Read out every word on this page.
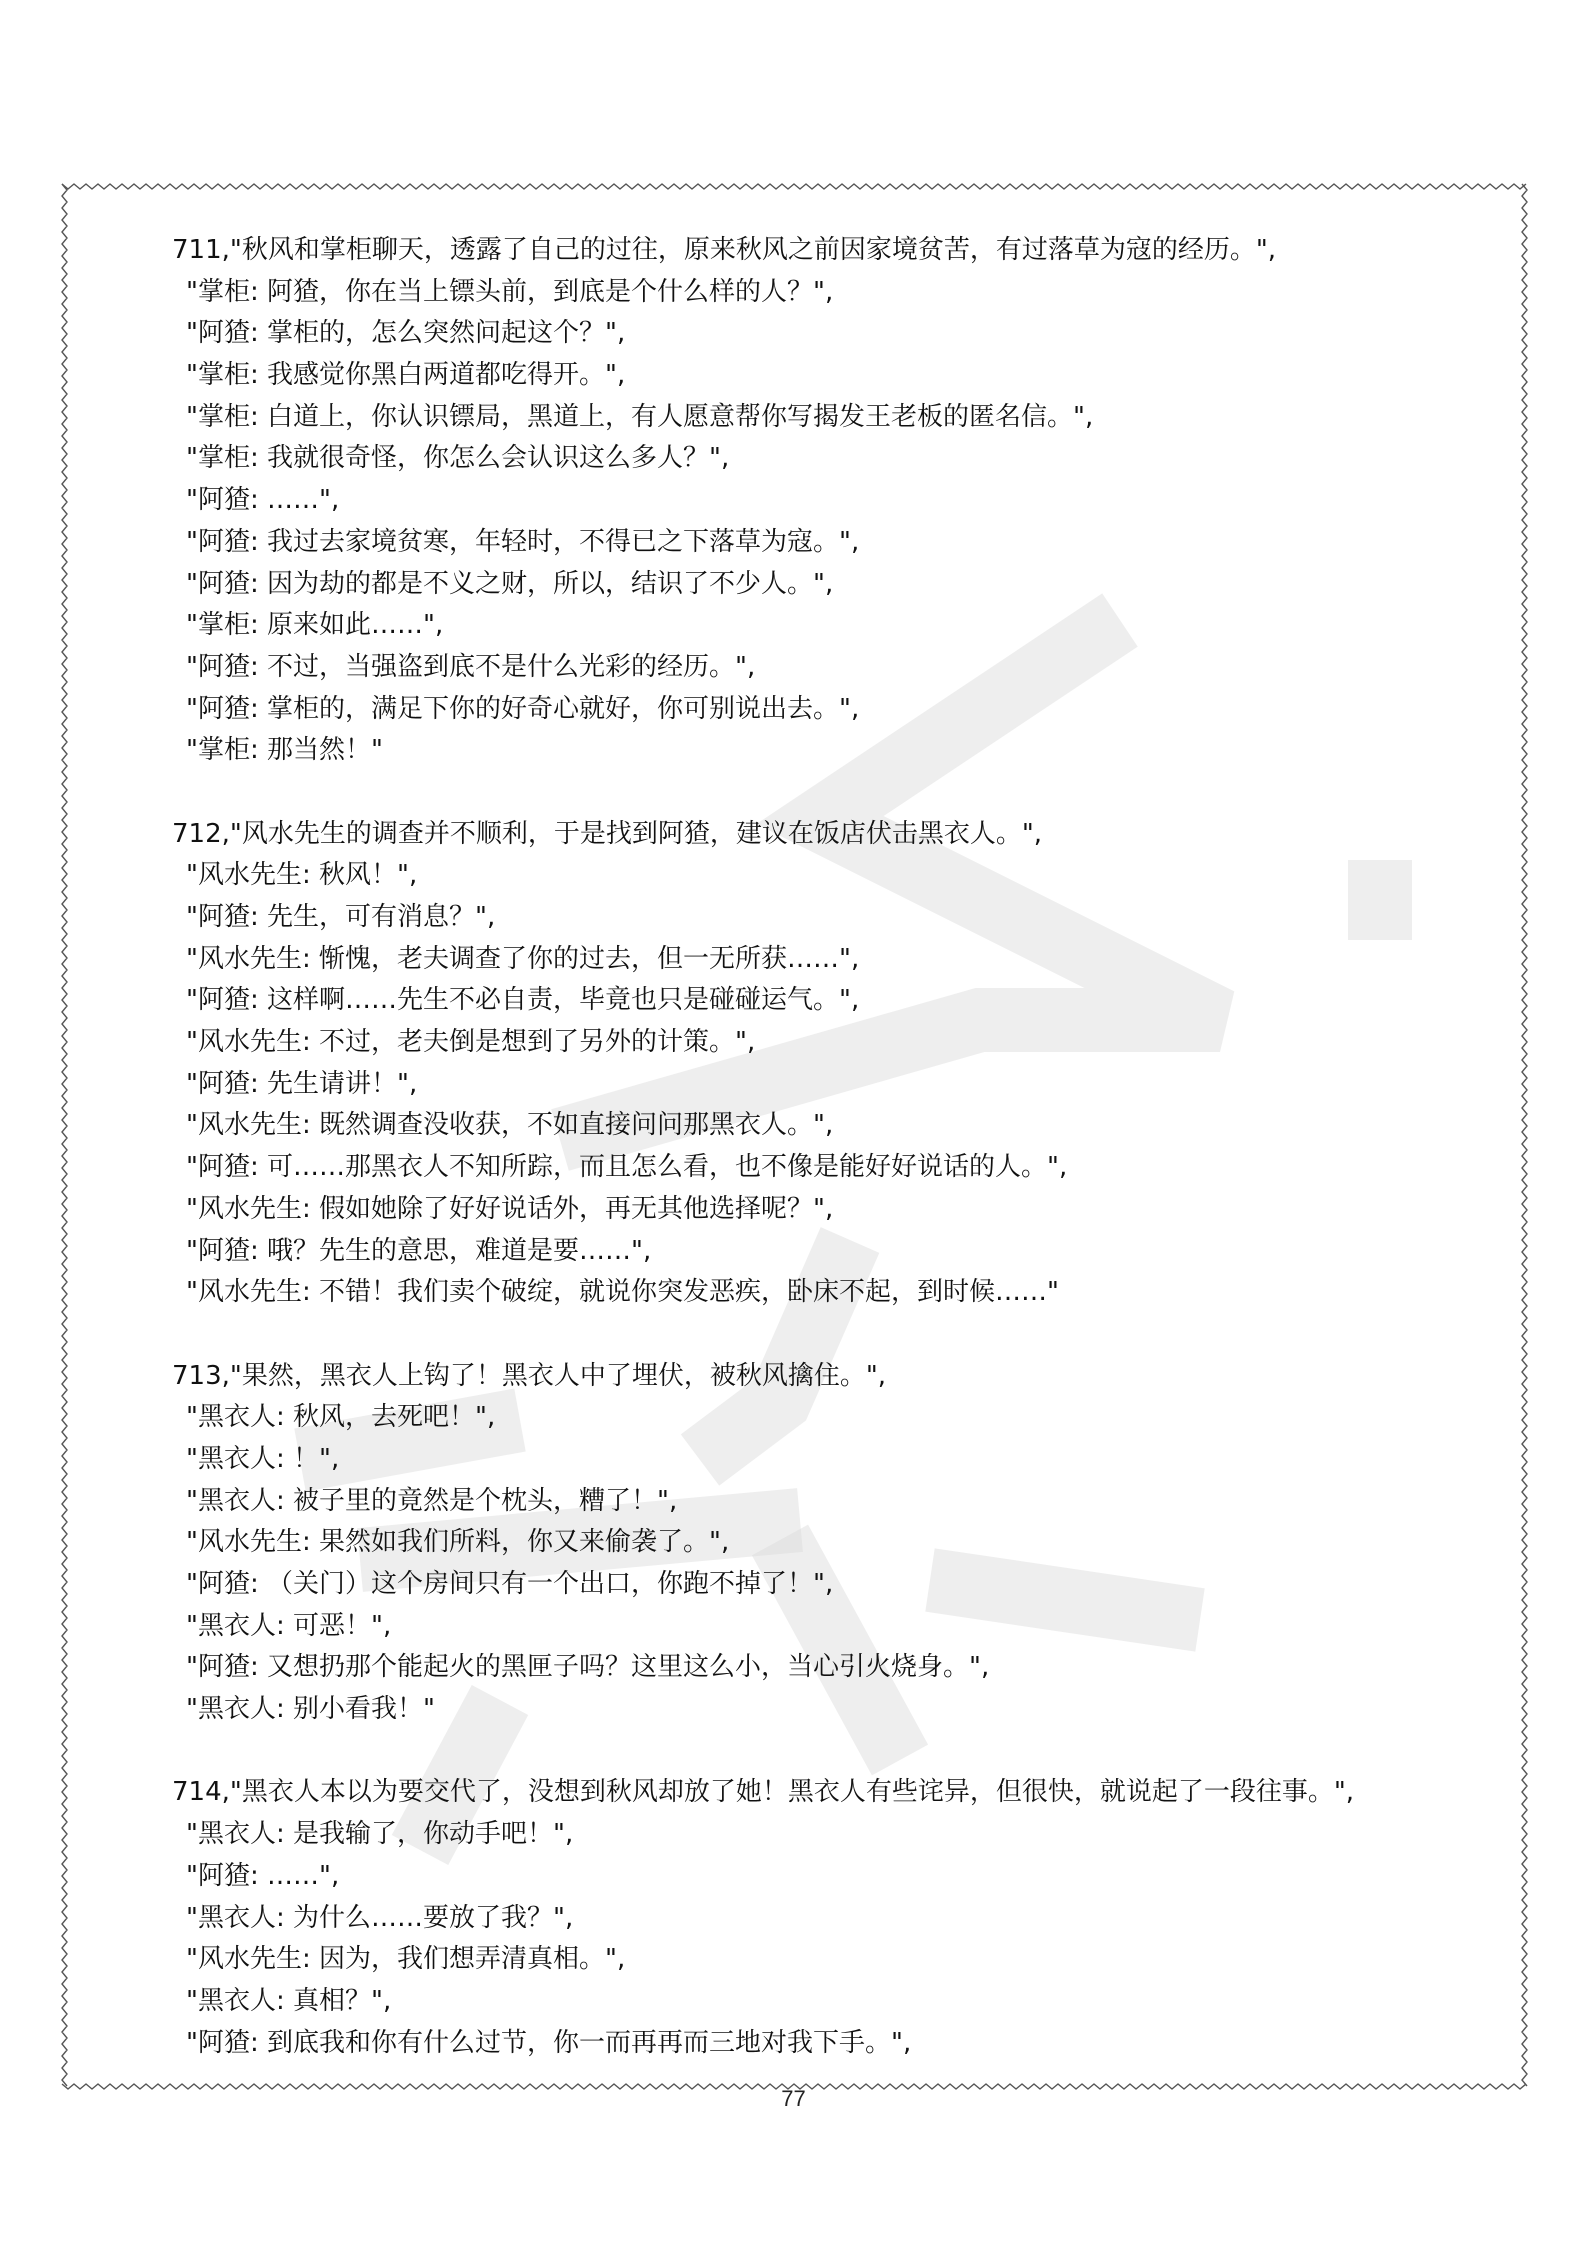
711,"秋风和掌柜聊天，透露了自己的过往，原来秋风之前因家境贫苦，有过落草为寇的经历。",
"掌柜: 阿猹，你在当上镖头前，到底是个什么样的人？",
"阿猹: 掌柜的，怎么突然问起这个？",
"掌柜: 我感觉你黑白两道都吃得开。",
"掌柜: 白道上，你认识镖局，黑道上，有人愿意帮你写揭发王老板的匿名信。",
"掌柜: 我就很奇怪，你怎么会认识这么多人？",
"阿猹: ……",
"阿猹: 我过去家境贫寒，年轻时，不得已之下落草为寇。",
"阿猹: 因为劫的都是不义之财，所以，结识了不少人。",
"掌柜: 原来如此……",
"阿猹: 不过，当强盗到底不是什么光彩的经历。",
"阿猹: 掌柜的，满足下你的好奇心就好，你可别说出去。",
"掌柜: 那当然！"
712,"风水先生的调查并不顺利，于是找到阿猹，建议在饭店伏击黑衣人。",
"风水先生: 秋风！",
"阿猹: 先生，可有消息？",
"风水先生: 惭愧，老夫调查了你的过去，但一无所获……",
"阿猹: 这样啊……先生不必自责，毕竟也只是碰碰运气。",
"风水先生: 不过，老夫倒是想到了另外的计策。",
"阿猹: 先生请讲！",
"风水先生: 既然调查没收获，不如直接问问那黑衣人。",
"阿猹: 可……那黑衣人不知所踪，而且怎么看，也不像是能好好说话的人。",
"风水先生: 假如她除了好好说话外，再无其他选择呢？",
"阿猹: 哦？先生的意思，难道是要……",
"风水先生: 不错！我们卖个破绽，就说你突发恶疾，卧床不起，到时候……"
713,"果然，黑衣人上钩了！黑衣人中了埋伏，被秋风擒住。",
"黑衣人: 秋风，去死吧！",
"黑衣人: ！",
"黑衣人: 被子里的竟然是个枕头，糟了！",
"风水先生: 果然如我们所料，你又来偷袭了。",
"阿猹: （关门）这个房间只有一个出口，你跑不掉了！",
"黑衣人: 可恶！",
"阿猹: 又想扔那个能起火的黑匣子吗？这里这么小，当心引火烧身。",
"黑衣人: 别小看我！"
714,"黑衣人本以为要交代了，没想到秋风却放了她！黑衣人有些诧异，但很快，就说起了一段往事。",
"黑衣人: 是我输了，你动手吧！",
"阿猹: ……",
"黑衣人: 为什么……要放了我？",
"风水先生: 因为，我们想弄清真相。",
"黑衣人: 真相？",
"阿猹: 到底我和你有什么过节，你一而再再而三地对我下手。",
77
